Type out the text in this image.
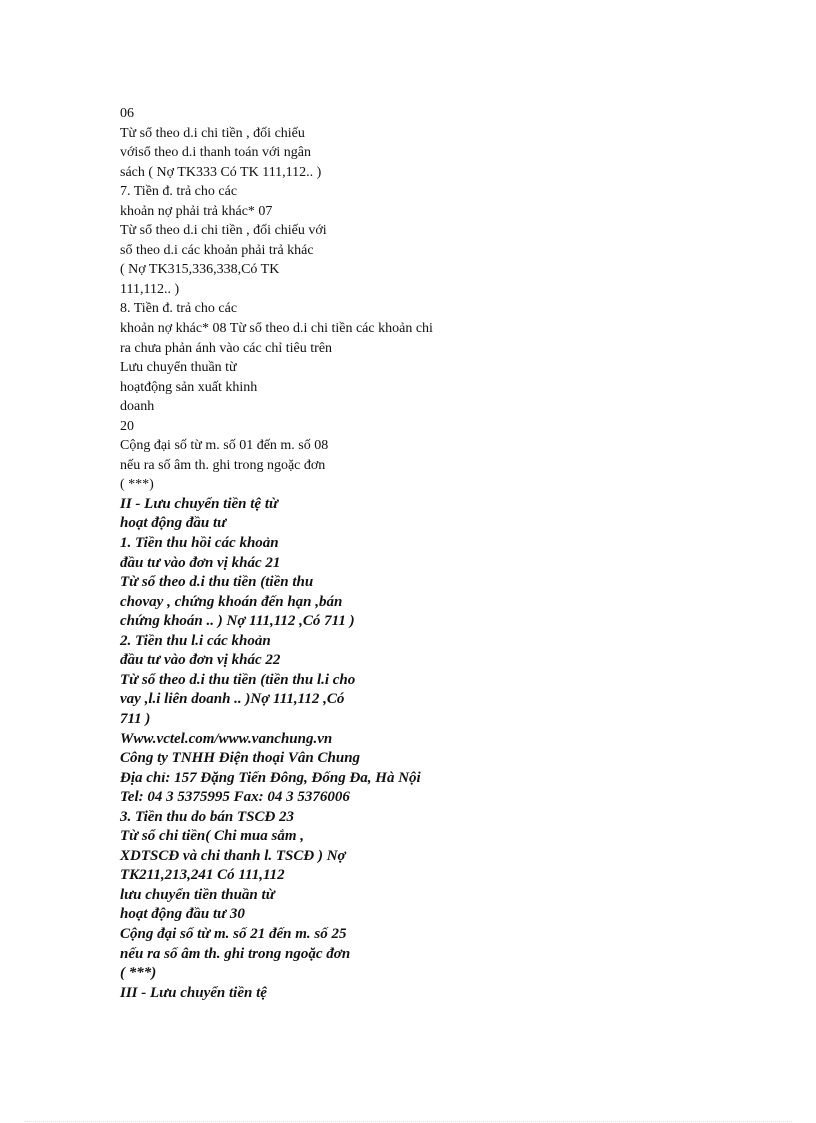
06
Từ sổ theo d.i chi tiền , đối chiếu
vớisổ theo d.i thanh toán với ngân
sách ( Nợ TK333 Có TK 111,112.. )
7. Tiền đ. trả cho các
khoản nợ phải trả khác* 07
Từ sổ theo d.i chi tiền , đối chiếu với
sổ theo d.i các khoản phải trả khác
( Nợ TK315,336,338,Có TK
111,112.. )
8. Tiền đ. trả cho các
khoản nợ khác* 08 Từ sổ theo d.i chi tiền các khoản chi
ra chưa phản ánh vào các chỉ tiêu trên
Lưu chuyển thuần từ
hoạtđộng sản xuất khinh
doanh
20
Cộng đại số từ m. số 01 đến m. số 08
nếu ra số âm th. ghi trong ngoặc đơn
( ***)
II - Lưu chuyển tiền tệ từ
hoạt động đầu tư
1. Tiền thu hồi các khoản
đầu tư vào đơn vị khác 21
Từ sổ theo d.i thu tiền (tiền thu
chovay , chứng khoán đến hạn ,bán
chứng khoán .. ) Nợ 111,112 ,Có 711 )
2. Tiền thu l.i các khoản
đầu tư vào đơn vị khác 22
Từ sổ theo d.i thu tiền (tiền thu l.i cho
vay ,l.i liên doanh .. )Nợ 111,112 ,Có
711 )
Www.vctel.com/www.vanchung.vn
Công ty TNHH Điện thoại Vân Chung
Địa chỉ: 157 Đặng Tiến Đông, Đống Đa, Hà Nội
Tel: 04 3 5375995 Fax: 04 3 5376006
3. Tiền thu do bán TSCĐ 23
Từ sổ chi tiền( Chi mua sắm ,
XDTSCĐ và chi thanh l. TSCĐ ) Nợ
TK211,213,241 Có 111,112
lưu chuyển tiền thuần từ
hoạt động đầu tư 30
Cộng đại số từ m. số 21 đến m. số 25
nếu ra số âm th. ghi trong ngoặc đơn
( ***)
III - Lưu chuyển tiền tệ
